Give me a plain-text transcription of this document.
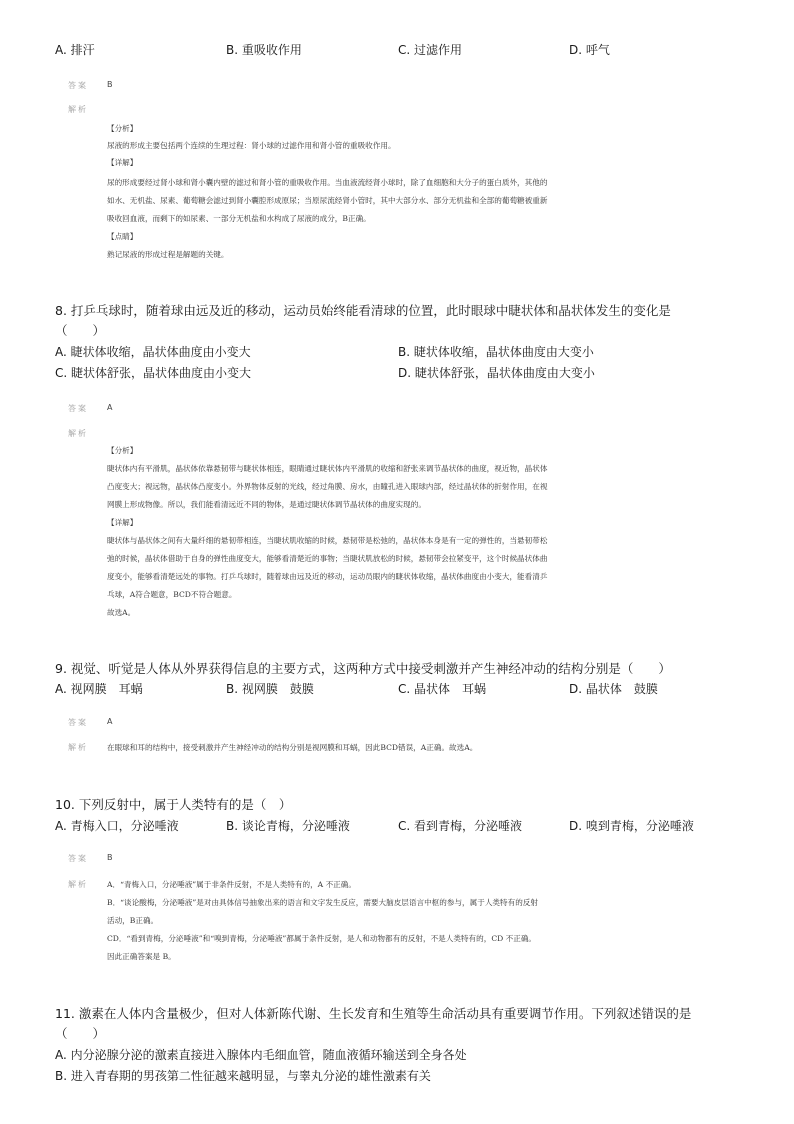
A. 排汗	B. 重吸收作用	C. 过滤作用	D. 呼气
答案 B
解析
【分析】
尿液的形成主要包括两个连续的生理过程：肾小球的过滤作用和肾小管的重吸收作用。
【详解】
尿的形成要经过肾小球和肾小囊内壁的滤过和肾小管的重吸收作用。当血液流经肾小球时，除了血细胞和大分子的蛋白质外，其他的
如水、无机盐、尿素、葡萄糖会滤过到肾小囊腔形成原尿；当原尿流经肾小管时，其中大部分水、部分无机盐和全部的葡萄糖被重新
吸收回血液，而剩下的如尿素、一部分无机盐和水构成了尿液的成分，B正确。
【点睛】
熟记尿液的形成过程是解题的关键。
8. 打乒乓球时，随着球由远及近的移动，运动员始终能看清球的位置，此时眼球中睫状体和晶状体发生的变化是
（　　）
A. 睫状体收缩，晶状体曲度由小变大	B. 睫状体收缩，晶状体曲度由大变小
C. 睫状体舒张，晶状体曲度由小变大	D. 睫状体舒张，晶状体曲度由大变小
答案 A
解析
【分析】
睫状体内有平滑肌，晶状体依靠悬韧带与睫状体相连，眼睛通过睫状体内平滑肌的收缩和舒张来调节晶状体的曲度，视近物，晶状体
凸度变大；视远物，晶状体凸度变小。外界物体反射的光线，经过角膜、房水，由瞳孔进入眼球内部，经过晶状体的折射作用，在视
网膜上形成物像。所以，我们能看清远近不同的物体，是通过睫状体调节晶状体的曲度实现的。
【详解】
睫状体与晶状体之间有大量纤细的悬韧带相连，当睫状肌收缩的时候，悬韧带是松弛的，晶状体本身是有一定的弹性的，当悬韧带松
弛的时候，晶状体借助于自身的弹性曲度变大，能够看清楚近的事物；当睫状肌放松的时候，悬韧带会拉紧变平，这个时候晶状体曲
度变小，能够看清楚远处的事物。打乒乓球时，随着球由远及近的移动，运动员眼内的睫状体收缩，晶状体曲度由小变大，能看清乒
乓球，A符合题意，BCD不符合题意。
故选A。
9. 视觉、听觉是人体从外界获得信息的主要方式，这两种方式中接受刺激并产生神经冲动的结构分别是（　　）
A. 视网膜　耳蜗	B. 视网膜　鼓膜	C. 晶状体　耳蜗	D. 晶状体　鼓膜
答案 A
解析	在眼球和耳的结构中，接受刺激并产生神经冲动的结构分别是视网膜和耳蜗，因此BCD错误，A正确。故选A。
10. 下列反射中，属于人类特有的是（　）
A. 青梅入口，分泌唾液	B. 谈论青梅，分泌唾液	C. 看到青梅，分泌唾液	D. 嗅到青梅，分泌唾液
答案 B
解析	A．“青梅入口，分泌唾液”属于非条件反射，不是人类特有的，A 不正确。
B．“谈论酸梅，分泌唾液”是对由具体信号抽象出来的语言和文字发生反应，需要大脑皮层语言中枢的参与，属于人类特有的反射
活动，B正确。
CD．“看到青梅，分泌唾液”和“嗅到青梅，分泌唾液”都属于条件反射，是人和动物都有的反射，不是人类特有的，CD 不正确。
因此正确答案是 B。
11. 激素在人体内含量极少，但对人体新陈代谢、生长发育和生殖等生命活动具有重要调节作用。下列叙述错误的是
（　　）
A. 内分泌腺分泌的激素直接进入腺体内毛细血管，随血液循环输送到全身各处
B. 进入青春期的男孩第二性征越来越明显，与睾丸分泌的雄性激素有关
